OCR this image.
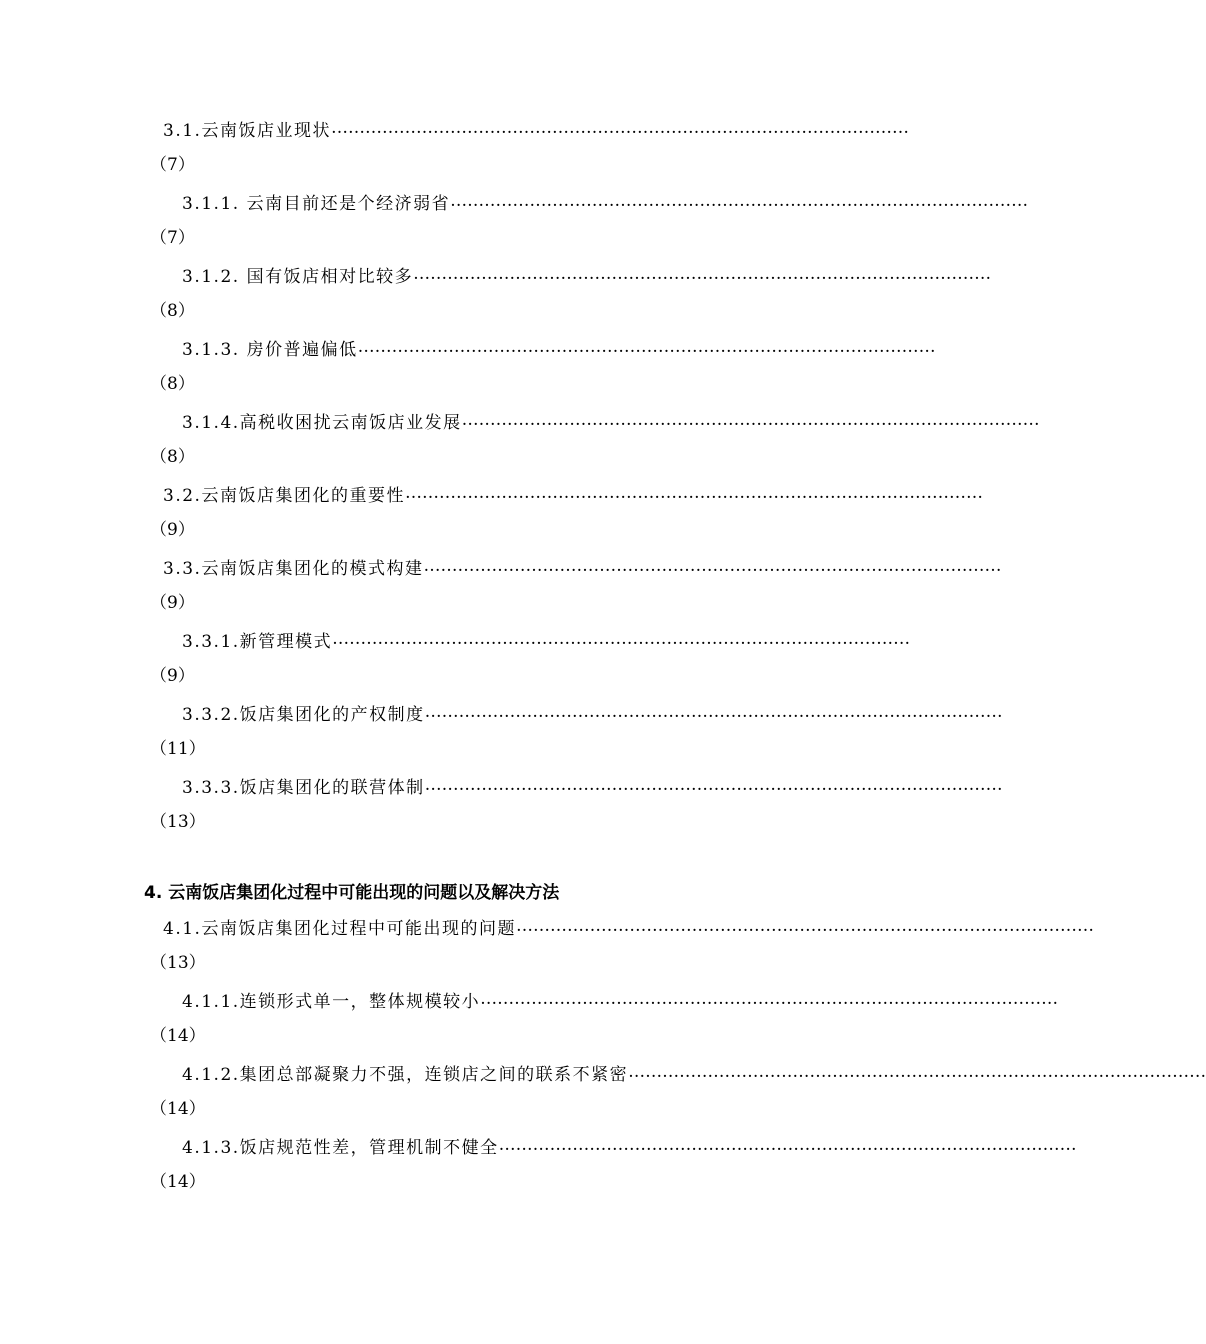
3.1.云南饭店业现状 …………………………………………………………………………………………
（7）
3.1.1. 云南目前还是个经济弱省 …………………………………………………………………………………………
（7）
3.1.2. 国有饭店相对比较多 …………………………………………………………………………………………
（8）
3.1.3. 房价普遍偏低 …………………………………………………………………………………………
（8）
3.1.4.高税收困扰云南饭店业发展 …………………………………………………………………………………………
（8）
3.2.云南饭店集团化的重要性 …………………………………………………………………………………………
（9）
3.3.云南饭店集团化的模式构建 …………………………………………………………………………………………
（9）
3.3.1.新管理模式 …………………………………………………………………………………………
（9）
3.3.2.饭店集团化的产权制度 …………………………………………………………………………………………
（11）
3.3.3.饭店集团化的联营体制 …………………………………………………………………………………………
（13）
4. 云南饭店集团化过程中可能出现的问题以及解决方法
4.1.云南饭店集团化过程中可能出现的问题 …………………………………………………………………………………………
（13）
4.1.1.连锁形式单一，整体规模较小 …………………………………………………………………………………………
（14）
4.1.2.集团总部凝聚力不强，连锁店之间的联系不紧密 …………………………………………………………………………………………
（14）
4.1.3.饭店规范性差，管理机制不健全 …………………………………………………………………………………………
（14）
